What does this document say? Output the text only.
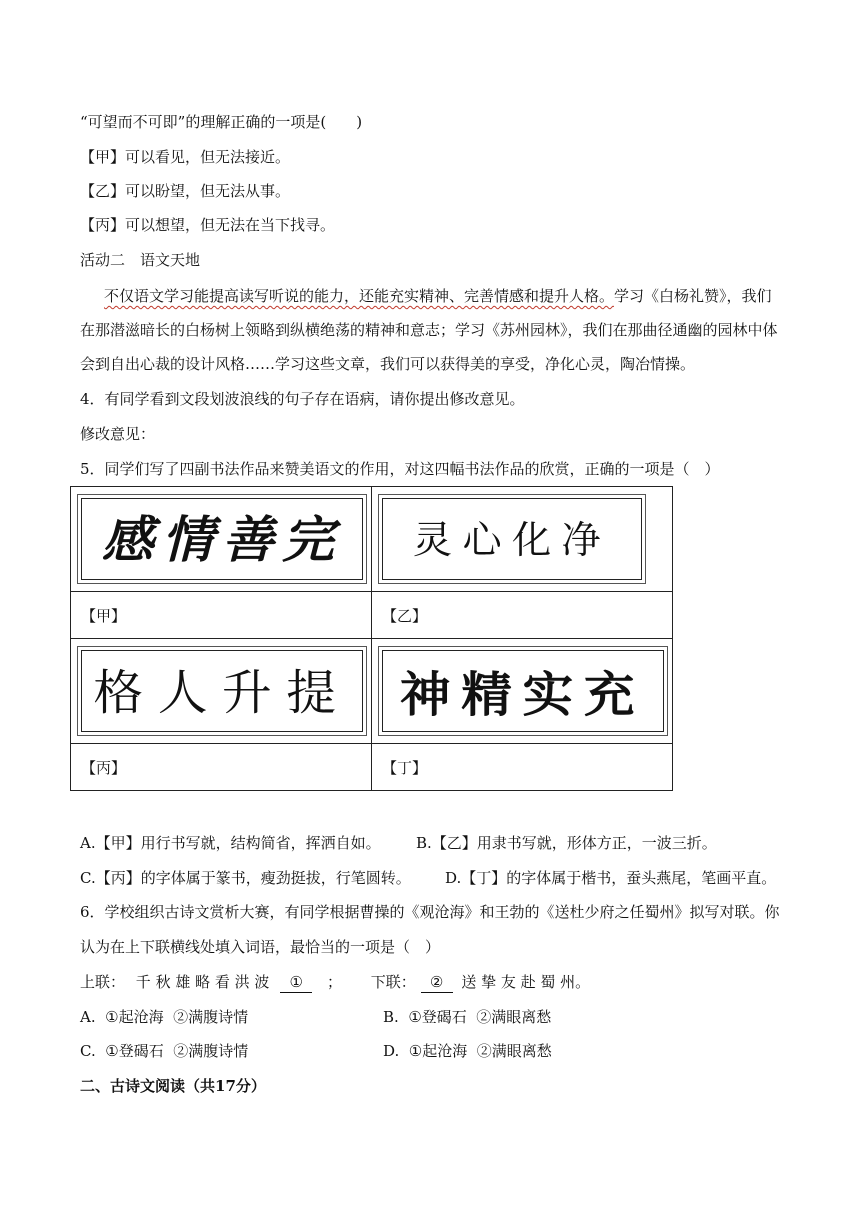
“可望而不可即”的理解正确的一项是(　　)
【甲】可以看见，但无法接近。
【乙】可以盼望，但无法从事。
【丙】可以想望，但无法在当下找寻。
活动二　语文天地
不仅语文学习能提高读写听说的能力，还能充实精神、完善情感和提升人格。学习《白杨礼赞》，我们
在那潜滋暗长的白杨树上领略到纵横绝荡的精神和意志；学习《苏州园林》，我们在那曲径通幽的园林中体
会到自出心裁的设计风格……学习这些文章，我们可以获得美的享受，净化心灵，陶冶情操。
4．有同学看到文段划波浪线的句子存在语病，请你提出修改意见。
修改意见：
5．同学们写了四副书法作品来赞美语文的作用，对这四幅书法作品的欣赏，正确的一项是（　）
感情善完	灵心化净

【甲】	【乙】

格人升提	神精实充

【丙】	【丁】
A.【甲】用行书写就，结构简省，挥洒自如。 B.【乙】用隶书写就，形体方正，一波三折。
C.【丙】的字体属于篆书，瘦劲挺拔，行笔圆转。 D.【丁】的字体属于楷书，蚕头燕尾，笔画平直。
6．学校组织古诗文赏析大赛，有同学根据曹操的《观沧海》和王勃的《送杜少府之任蜀州》拟写对联。你
认为在上下联横线处填入词语，最恰当的一项是（　）
上联： 千 秋 雄 略 看 洪 波 ① ； 下联： ② 送 挚 友 赴 蜀 州。
A.  ①起沧海  ②满腹诗情	B.  ①登碣石  ②满眼离愁
C.  ①登碣石  ②满腹诗情	D.  ①起沧海  ②满眼离愁
二、古诗文阅读（共17分）
